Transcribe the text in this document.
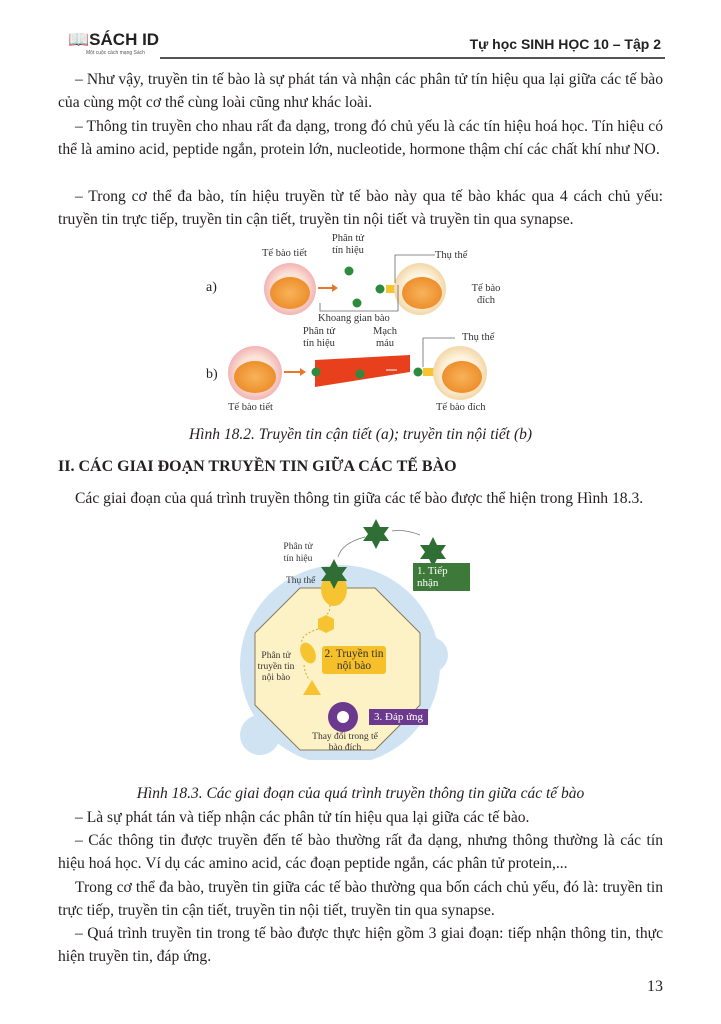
📖SÁCH ID
Một cuộc cách mạng Sách
Tự học SINH HỌC 10 – Tập 2
– Như vậy, truyền tin tế bào là sự phát tán và nhận các phân tử tín hiệu qua lại giữa các tế bào của cùng một cơ thể cùng loài cũng như khác loài.
– Thông tin truyền cho nhau rất đa dạng, trong đó chủ yếu là các tín hiệu hoá học. Tín hiệu có thể là amino acid, peptide ngắn, protein lớn, nucleotide, hormone thậm chí các chất khí như NO.
– Trong cơ thể đa bào, tín hiệu truyền từ tế bào này qua tế bào khác qua 4 cách chủ yếu: truyền tin trực tiếp, truyền tin cận tiết, truyền tin nội tiết và truyền tin qua synapse.
a)
b)
Tế bào tiết
Phân tử tín hiệu	Thụ thể
Tế bào đích
Khoang gian bào
Phân tử tín hiệu
Mạch máu
Thụ thể
Tế bào tiết	Tế bào đích
Hình 18.2. Truyền tin cận tiết (a); truyền tin nội tiết (b)
II. CÁC GIAI ĐOẠN TRUYỀN TIN GIỮA CÁC TẾ BÀO
Các giai đoạn của quá trình truyền thông tin giữa các tế bào được thể hiện trong Hình 18.3.
Phân tử tín hiệu
Thụ thể
1. Tiếp nhận
2. Truyền tin nội bào
Phân tử truyền tin nội bào
3. Đáp ứng
Thay đổi trong tế bào đích
Hình 18.3. Các giai đoạn của quá trình truyền thông tin giữa các tế bào
– Là sự phát tán và tiếp nhận các phân tử tín hiệu qua lại giữa các tế bào.
– Các thông tin được truyền đến tế bào thường rất đa dạng, nhưng thông thường là các tín hiệu hoá học. Ví dụ các amino acid, các đoạn peptide ngắn, các phân tử protein,...
Trong cơ thể đa bào, truyền tin giữa các tế bào thường qua bốn cách chủ yếu, đó là: truyền tin trực tiếp, truyền tin cận tiết, truyền tin nội tiết, truyền tin qua synapse.
– Quá trình truyền tin trong tế bào được thực hiện gồm 3 giai đoạn: tiếp nhận thông tin, thực hiện truyền tin, đáp ứng.
13
